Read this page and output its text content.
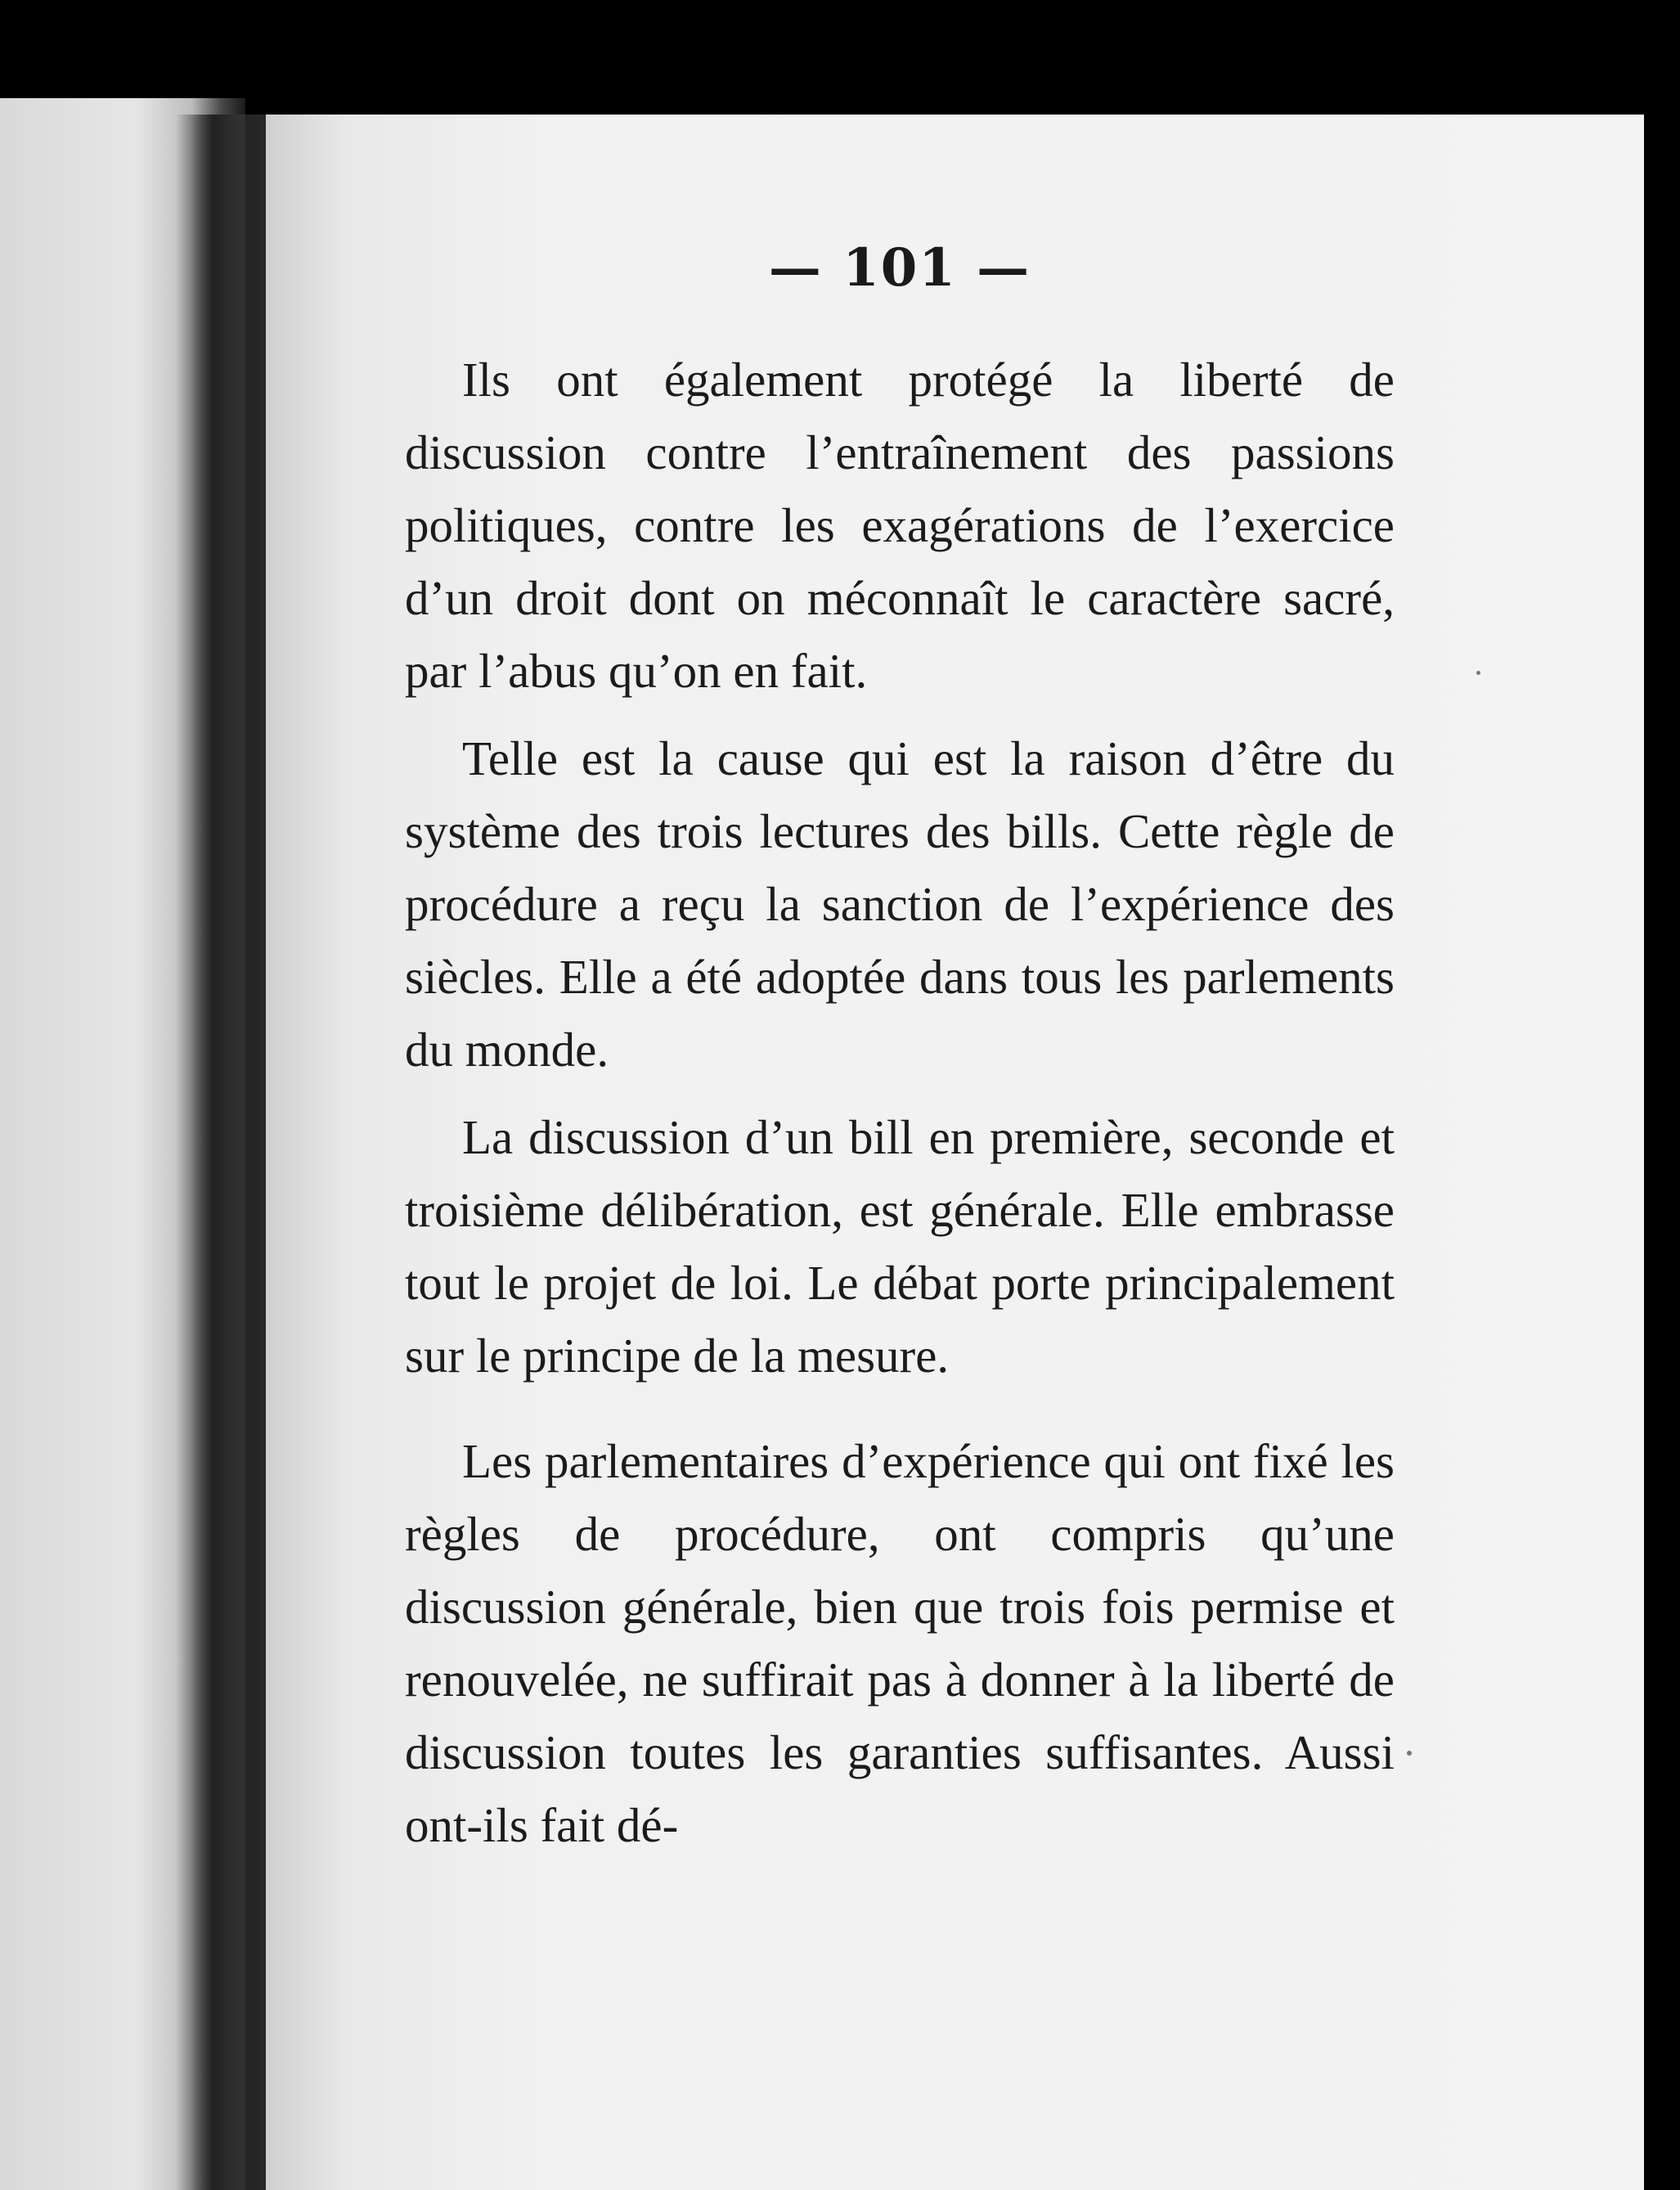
— 101 —

Ils ont également protégé la liberté de discussion contre l’entraînement des passions politiques, contre les exagérations de l’exercice d’un droit dont on méconnaît le caractère sacré, par l’abus qu’on en fait.

Telle est la cause qui est la raison d’être du système des trois lectures des bills. Cette règle de procédure a reçu la sanction de l’expérience des siècles. Elle a été adoptée dans tous les parlements du monde.

La discussion d’un bill en première, seconde et troisième délibération, est générale. Elle embrasse tout le projet de loi. Le débat porte principalement sur le principe de la mesure.

Les parlementaires d’expérience qui ont fixé les règles de procédure, ont compris qu’une discussion générale, bien que trois fois permise et renouvelée, ne suffirait pas à donner à la liberté de discussion toutes les garanties suffisantes. Aussi ont-ils fait dé-
